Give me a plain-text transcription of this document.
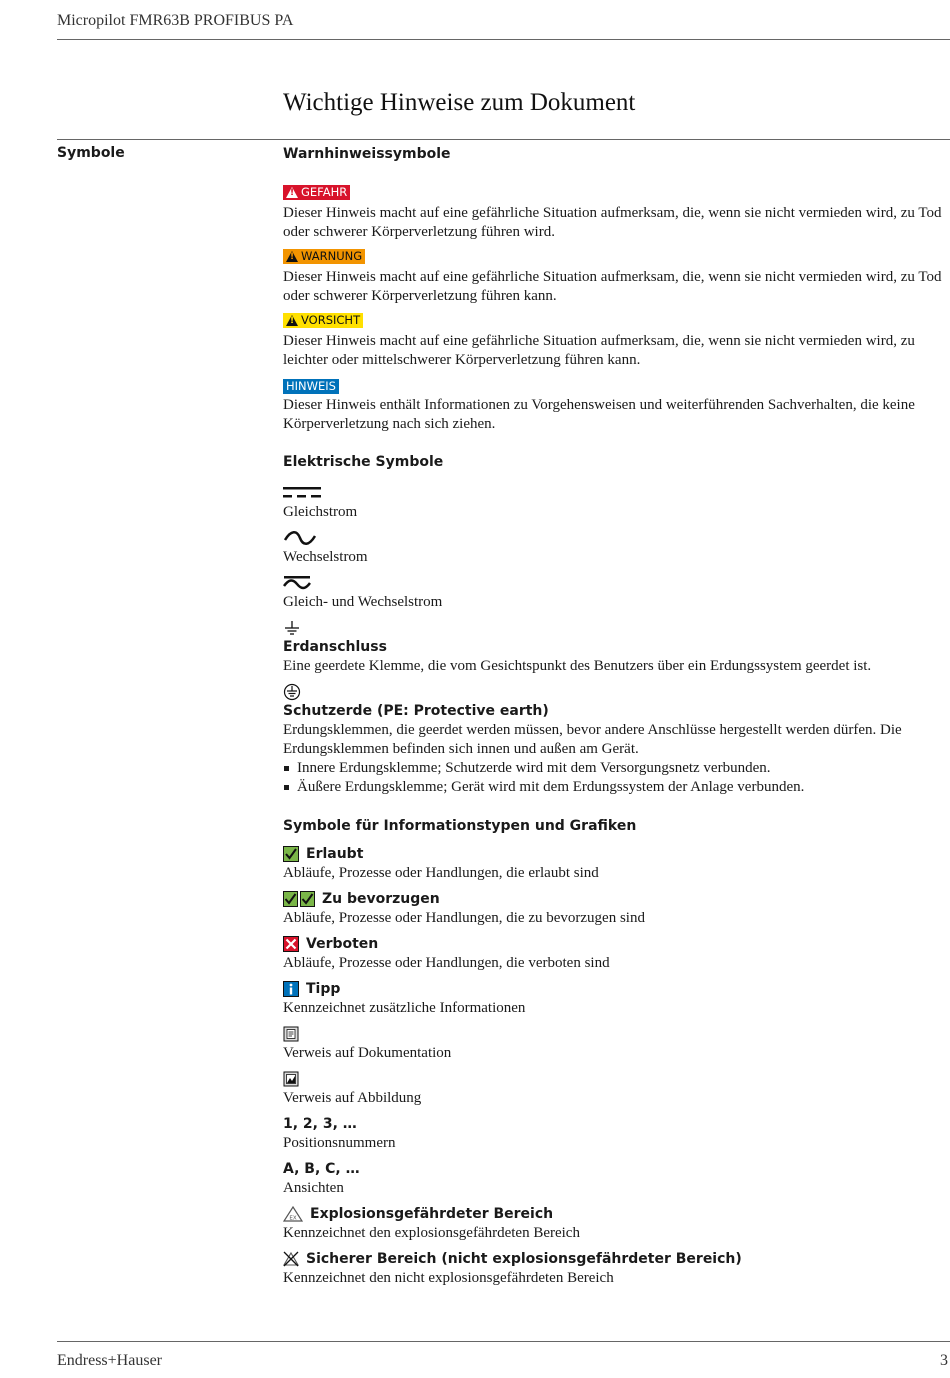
Micropilot FMR63B PROFIBUS PA
Wichtige Hinweise zum Dokument
Symbole	Warnhinweissymbole
!
GEFAHR
Dieser Hinweis macht auf eine gefährliche Situation aufmerksam, die, wenn sie nicht vermieden wird, zu Tod oder schwerer Körperverletzung führen wird.
!
WARNUNG
Dieser Hinweis macht auf eine gefährliche Situation aufmerksam, die, wenn sie nicht vermieden wird, zu Tod oder schwerer Körperverletzung führen kann.
!
VORSICHT
Dieser Hinweis macht auf eine gefährliche Situation aufmerksam, die, wenn sie nicht vermieden wird, zu leichter oder mittelschwerer Körperverletzung führen kann.
HINWEIS
Dieser Hinweis enthält Informationen zu Vorgehensweisen und weiterführenden Sachverhalten, die keine Körperverletzung nach sich ziehen.
Elektrische Symbole
Gleichstrom
Wechselstrom
Gleich- und Wechselstrom
Erdanschluss
Eine geerdete Klemme, die vom Gesichtspunkt des Benutzers über ein Erdungssystem geerdet ist.
Schutzerde (PE: Protective earth)
Erdungsklemmen, die geerdet werden müssen, bevor andere Anschlüsse hergestellt werden dürfen. Die Erdungsklemmen befinden sich innen und außen am Gerät.
Innere Erdungsklemme; Schutzerde wird mit dem Versorgungsnetz verbunden.
Äußere Erdungsklemme; Gerät wird mit dem Erdungssystem der Anlage verbunden.
Symbole für Informationstypen und Grafiken
Erlaubt
Abläufe, Prozesse oder Handlungen, die erlaubt sind
Zu bevorzugen
Abläufe, Prozesse oder Handlungen, die zu bevorzugen sind
Verboten
Abläufe, Prozesse oder Handlungen, die verboten sind
Tipp
Kennzeichnet zusätzliche Informationen
Verweis auf Dokumentation
Verweis auf Abbildung
1, 2, 3, …
Positionsnummern
A, B, C, …
Ansichten
EX Explosionsgefährdeter Bereich
Kennzeichnet den explosionsgefährdeten Bereich
Sicherer Bereich (nicht explosionsgefährdeter Bereich)
Kennzeichnet den nicht explosionsgefährdeten Bereich
Endress+Hauser	3
